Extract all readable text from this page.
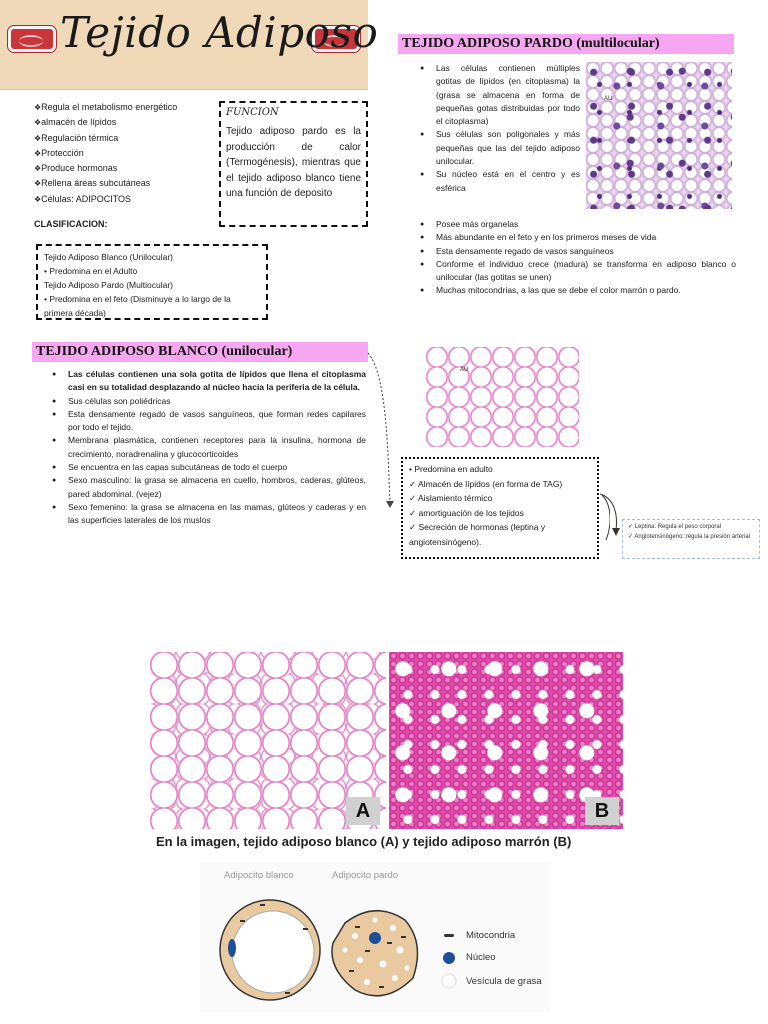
Tejido Adiposo
❖ Regula el metabolismo energético
❖ almacén de lípidos
❖ Regulación térmica
❖ Protección
❖ Produce hormonas
❖ Rellena áreas subcutáneas
❖ Células: ADIPOCITOS
FUNCION
Tejido adiposo pardo es la producción de calor (Termogénesis), mientras que el tejido adiposo blanco tiene una función de deposito
CLASIFICACION:
Tejido Adiposo Blanco (Unilocular)
• Predomina en el Adulto
Tejido Adiposo Pardo (Multiocular)
• Predomina en el feto (Disminuye a lo largo de la primera década)
TEJIDO ADIPOSO PARDO (multilocular)
● Las células contienen múltiples gotitas de lípidos (en citoplasma) la (grasa se almacena en forma de pequeñas gotas distribuidas por todo el citoplasma)
● Sus células son poligonales y más pequeñas que las del tejido adiposo unilocular.
● Su núcleo está en el centro y es esférica
AU
● Posee más organelas
● Más abundante en el feto y en los primeros meses de vida
● Esta densamente regado de vasos sanguíneos
● Conforme el individuo crece (madura) se transforma en adiposo blanco o unilocular (las gotitas se unen)
● Muchas mitocondrias, a las que se debe el color marrón o pardo.
TEJIDO ADIPOSO BLANCO (unilocular)
● Las células contienen una sola gotita de lípidos que llena el citoplasma casi en su totalidad desplazando al núcleo hacia la periferia de la célula.
● Sus células son poliédricas
● Esta densamente regado de vasos sanguíneos, que forman redes capilares por todo el tejido.
● Membrana plasmática, contienen receptores para la insulina, hormona de crecimiento, noradrenalina y glucocorticoides
● Se encuentra en las capas subcutáneas de todo el cuerpo
● Sexo masculino: la grasa se almacena en cuello, hombros, caderas, glúteos, pared abdominal. (vejez)
● Sexo femenino: la grasa se almacena en las mamas, glúteos y caderas y en las superficies laterales de los muslos
AU
• Predomina en adulto
✓ Almacén de lípidos (en forma de TAG)
✓ Aislamiento térmico
✓ amortiguación de los tejidos
✓ Secreción de hormonas (leptina y angiotensinógeno).
✓ Leptina: Regula el peso corporal
✓ Angiotensinógeno: regula la presión arterial
A	B
En la imagen, tejido adiposo blanco (A) y tejido adiposo marrón (B)
Adipocito blanco	Adipocito pardo
Mitocondria
Núcleo
Vesícula de grasa
